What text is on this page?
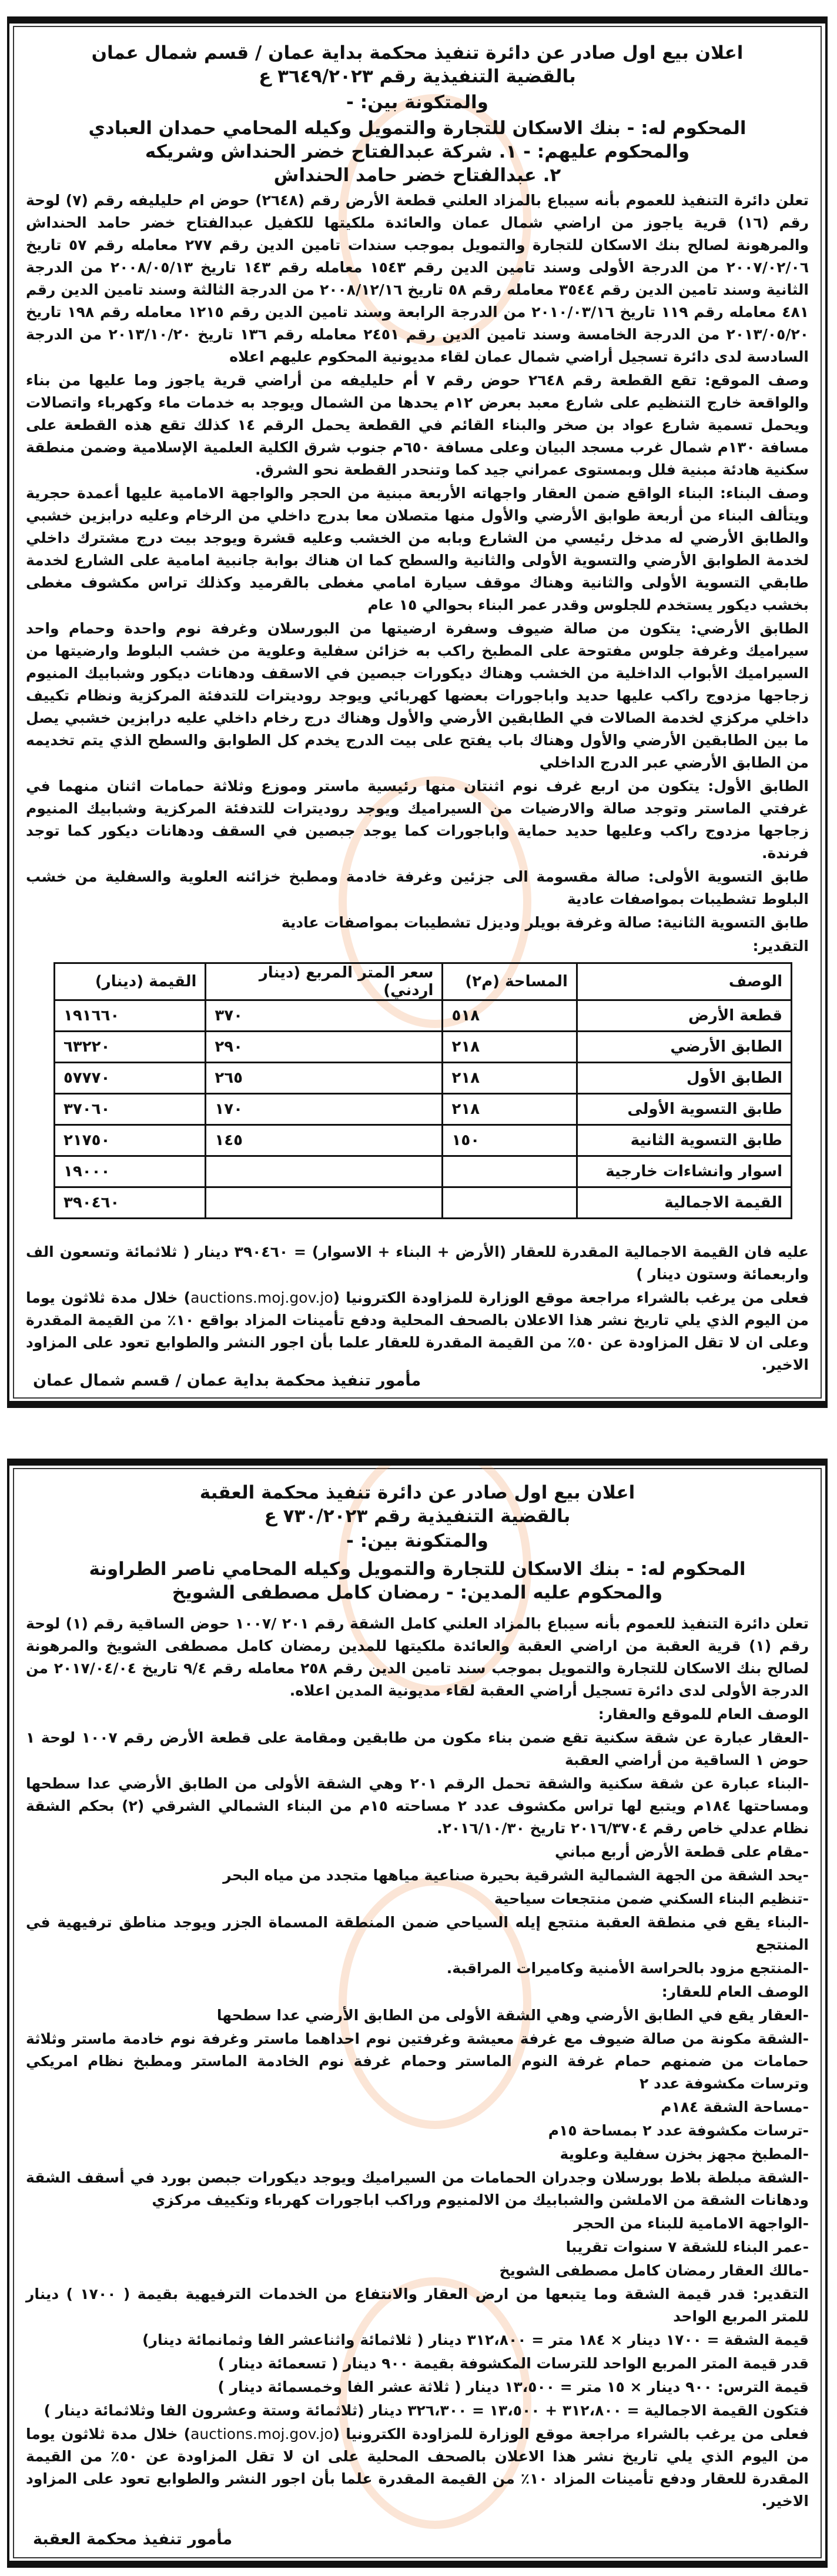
اعلان بيع اول صادر عن دائرة تنفيذ محكمة بداية عمان / قسم شمال عمان
بالقضية التنفيذية رقم ٣٦٤٩/٢٠٢٣ ع
والمتكونة بين: -
المحكوم له: - بنك الاسكان للتجارة والتمويل وكيله المحامي حمدان العبادي
والمحكوم عليهم: - ١. شركة عبدالفتاح خضر الحنداش وشريكه
٢. عبدالفتاح خضر حامد الحنداش

تعلن دائرة التنفيذ للعموم بأنه سيباع بالمزاد العلني قطعة الأرض رقم (٢٦٤٨) حوض ام حليليفه رقم (٧) لوحة رقم (١٦) قرية ياجوز من اراضي شمال عمان والعائدة ملكيتها للكفيل عبدالفتاح خضر حامد الحنداش والمرهونة لصالح بنك الاسكان للتجارة والتمويل بموجب سندات تامين الدين رقم ٢٧٧ معامله رقم ٥٧ تاريخ ٢٠٠٧/٠٢/٠٦ من الدرجة الأولى وسند تامين الدين رقم ١٥٤٣ معامله رقم ١٤٣ تاريخ ٢٠٠٨/٠٥/١٣ من الدرجة الثانية وسند تامين الدين رقم ٣٥٤٤ معامله رقم ٥٨ تاريخ ٢٠٠٨/١٢/١٦ من الدرجة الثالثة وسند تامين الدين رقم ٤٨١ معامله رقم ١١٩ تاريخ ٢٠١٠/٠٣/١٦ من الدرجة الرابعة وسند تامين الدين رقم ١٢١٥ معامله رقم ١٩٨ تاريخ ٢٠١٣/٠٥/٢٠ من الدرجة الخامسة وسند تامين الدين رقم ٢٤٥١ معامله رقم ١٣٦ تاريخ ٢٠١٣/١٠/٢٠ من الدرجة السادسة لدى دائرة تسجيل أراضي شمال عمان لقاء مديونية المحكوم عليهم اعلاه

وصف الموقع: تقع القطعة رقم ٢٦٤٨ حوض رقم ٧ أم حليليفه من أراضي قرية ياجوز وما عليها من بناء والواقعة خارج التنظيم على شارع معبد بعرض ١٢م يحدها من الشمال ويوجد به خدمات ماء وكهرباء واتصالات ويحمل تسمية شارع عواد بن صخر والبناء القائم في القطعة يحمل الرقم ١٤ كذلك تقع هذه القطعة على مسافة ١٣٠م شمال غرب مسجد البيان وعلى مسافة ٦٥٠م جنوب شرق الكلية العلمية الإسلامية وضمن منطقة سكنية هادئة مبنية فلل وبمستوى عمراني جيد كما وتنحدر القطعة نحو الشرق.

وصف البناء: البناء الواقع ضمن العقار واجهاته الأربعة مبنية من الحجر والواجهة الامامية عليها أعمدة حجرية ويتألف البناء من أربعة طوابق الأرضي والأول منها متصلان معا بدرج داخلي من الرخام وعليه درابزين خشبي والطابق الأرضي له مدخل رئيسي من الشارع وبابه من الخشب وعليه قشرة ويوجد بيت درج مشترك داخلي لخدمة الطوابق الأرضي والتسوية الأولى والثانية والسطح كما ان هناك بوابة جانبية امامية على الشارع لخدمة طابقي التسوية الأولى والثانية وهناك موقف سيارة امامي مغطى بالقرميد وكذلك تراس مكشوف مغطى بخشب ديكور يستخدم للجلوس وقدر عمر البناء بحوالي ١٥ عام

الطابق الأرضي: يتكون من صالة ضيوف وسفرة ارضيتها من البورسلان وغرفة نوم واحدة وحمام واحد سيراميك وغرفة جلوس مفتوحة على المطبخ راكب به خزائن سفلية وعلوية من خشب البلوط وارضيتها من السيراميك الأبواب الداخلية من الخشب وهناك ديكورات جبصين في الاسقف ودهانات ديكور وشبابيك المنيوم زجاجها مزدوج راكب عليها حديد واباجورات بعضها كهربائي ويوجد روديترات للتدفئة المركزية ونظام تكييف داخلي مركزي لخدمة الصالات في الطابقين الأرضي والأول وهناك درج رخام داخلي عليه درابزين خشبي يصل ما بين الطابقين الأرضي والأول وهناك باب يفتح على بيت الدرج يخدم كل الطوابق والسطح الذي يتم تخديمه من الطابق الأرضي عبر الدرج الداخلي

الطابق الأول: يتكون من اربع غرف نوم اثنتان منها رئيسية ماستر وموزع وثلاثة حمامات اثنان منهما في غرفتي الماستر وتوجد صالة والارضيات من السيراميك ويوجد روديترات للتدفئة المركزية وشبابيك المنيوم زجاجها مزدوج راكب وعليها حديد حماية واباجورات كما يوجد جبصين في السقف ودهانات ديكور كما توجد فرندة.

طابق التسوية الأولى: صالة مقسومة الى جزئين وغرفة خادمة ومطبخ خزائنه العلوية والسفلية من خشب البلوط تشطيبات بمواصفات عادية

طابق التسوية الثانية: صالة وغرفة بويلر وديزل تشطيبات بمواصفات عادية

التقدير:

الوصف	المساحة (م٢)	سعر المتر المربع (دينار اردني)	القيمة (دينار)
قطعة الأرض	٥١٨	٣٧٠	١٩١٦٦٠
الطابق الأرضي	٢١٨	٢٩٠	٦٣٢٢٠
الطابق الأول	٢١٨	٢٦٥	٥٧٧٧٠
طابق التسوية الأولى	٢١٨	١٧٠	٣٧٠٦٠
طابق التسوية الثانية	١٥٠	١٤٥	٢١٧٥٠
اسوار وانشاءات خارجية			١٩٠٠٠
القيمة الاجمالية			٣٩٠٤٦٠

عليه فان القيمة الاجمالية المقدرة للعقار (الأرض + البناء + الاسوار) = ٣٩٠٤٦٠ دينار ( ثلاثمائة وتسعون الف واربعمائة وستون دينار )

فعلى من يرغب بالشراء مراجعة موقع الوزارة للمزاودة الكترونيا (auctions.moj.gov.jo) خلال مدة ثلاثون يوما من اليوم الذي يلي تاريخ نشر هذا الاعلان بالصحف المحلية ودفع تأمينات المزاد بواقع ١٠٪ من القيمة المقدرة وعلى ان لا تقل المزاودة عن ٥٠٪ من القيمة المقدرة للعقار علما بأن اجور النشر والطوابع تعود على المزاود الاخير.

مأمور تنفيذ محكمة بداية عمان / قسم شمال عمان
اعلان بيع اول صادر عن دائرة تنفيذ محكمة العقبة
بالقضية التنفيذية رقم ٧٣٠/٢٠٢٣ ع
والمتكونة بين: -
المحكوم له: - بنك الاسكان للتجارة والتمويل وكيله المحامي ناصر الطراونة
والمحكوم عليه المدين: - رمضان كامل مصطفى الشويخ

تعلن دائرة التنفيذ للعموم بأنه سيباع بالمزاد العلني كامل الشقة رقم ٢٠١ /١٠٠٧ حوض الساقية رقم (١) لوحة رقم (١) قرية العقبة من اراضي العقبة والعائدة ملكيتها للمدين رمضان كامل مصطفى الشويخ والمرهونة لصالح بنك الاسكان للتجارة والتمويل بموجب سند تامين الدين رقم ٢٥٨ معامله رقم ٩/٤ تاريخ ٢٠١٧/٠٤/٠٤ من الدرجة الأولى لدى دائرة تسجيل أراضي العقبة لقاء مديونية المدين اعلاه.

الوصف العام للموقع والعقار:

-العقار عبارة عن شقة سكنية تقع ضمن بناء مكون من طابقين ومقامة على قطعة الأرض رقم ١٠٠٧ لوحة ١ حوض ١ الساقية من أراضي العقبة

-البناء عبارة عن شقة سكنية والشقة تحمل الرقم ٢٠١ وهي الشقة الأولى من الطابق الأرضي عدا سطحها ومساحتها ١٨٤م ويتبع لها تراس مكشوف عدد ٢ مساحته ١٥م من البناء الشمالي الشرقي (٢) بحكم الشقة نظام عدلي خاص رقم ٢٠١٦/٣٧٠٤ تاريخ ٢٠١٦/١٠/٣٠.

-مقام على قطعة الأرض أربع مباني

-يحد الشقة من الجهة الشمالية الشرقية بحيرة صناعية مياهها متجدد من مياه البحر

-تنظيم البناء السكني ضمن منتجعات سياحية

-البناء يقع في منطقة العقبة منتجع إيله السياحي ضمن المنطقة المسماة الجزر ويوجد مناطق ترفيهية في المنتجع

-المنتجع مزود بالحراسة الأمنية وكاميرات المراقبة.

الوصف العام للعقار:

-العقار يقع في الطابق الأرضي وهي الشقة الأولى من الطابق الأرضي عدا سطحها

-الشقة مكونة من صالة ضيوف مع غرفة معيشة وغرفتين نوم احداهما ماستر وغرفة نوم خادمة ماستر وثلاثة حمامات من ضمنهم حمام غرفة النوم الماستر وحمام غرفة نوم الخادمة الماستر ومطبخ نظام امريكي وترسات مكشوفة عدد ٢

-مساحة الشقة ١٨٤م

-ترسات مكشوفة عدد ٢ بمساحة ١٥م

-المطبخ مجهز بخزن سفلية وعلوية

-الشقة مبلطة بلاط بورسلان وجدران الحمامات من السيراميك ويوجد ديكورات جبصن بورد في أسقف الشقة ودهانات الشقة من الاملشن والشبابيك من الالمنيوم وراكب اباجورات كهرباء وتكييف مركزي

-الواجهة الامامية للبناء من الحجر

-عمر البناء للشقة ٧ سنوات تقريبا

-مالك العقار رمضان كامل مصطفى الشويخ

التقدير: قدر قيمة الشقة وما يتبعها من ارض العقار والانتفاع من الخدمات الترفيهية بقيمة ( ١٧٠٠ ) دينار للمتر المربع الواحد

قيمة الشقة = ١٧٠٠ دينار × ١٨٤ متر = ٣١٢،٨٠٠ دينار ( ثلاثمائة واثناعشر الفا وثمانمائة دينار)

قدر قيمة المتر المربع الواحد للترسات المكشوفة بقيمة ٩٠٠ دينار ( تسعمائة دينار )

قيمة الترس: ٩٠٠ دينار × ١٥ متر = ١٣،٥٠٠ دينار ( ثلاثة عشر الفا وخمسمائة دينار )

فتكون القيمة الاجمالية = ٣١٢،٨٠٠ + ١٣،٥٠٠ = ٣٢٦،٣٠٠ دينار (ثلاثمائة وستة وعشرون الفا وثلاثمائة دينار )

فعلى من يرغب بالشراء مراجعة موقع الوزارة للمزاودة الكترونيا (auctions.moj.gov.jo) خلال مدة ثلاثون يوما من اليوم الذي يلي تاريخ نشر هذا الاعلان بالصحف المحلية على ان لا تقل المزاودة عن ٥٠٪ من القيمة المقدرة للعقار ودفع تأمينات المزاد ١٠٪ من القيمة المقدرة علما بأن اجور النشر والطوابع تعود على المزاود الاخير.

مأمور تنفيذ محكمة العقبة
